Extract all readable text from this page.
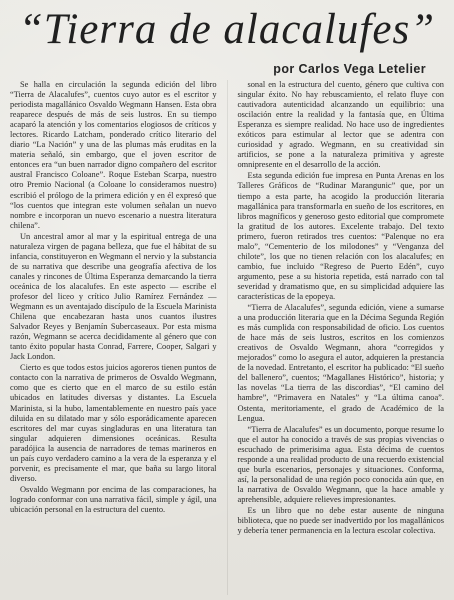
“Tierra de alacalufes”
por Carlos Vega Letelier

Se halla en circulación la segunda edición del libro “Tierra de Alacalufes”, cuentos cuyo autor es el escritor y periodista magallánico Osvaldo Wegmann Hansen. Esta obra reaparece después de más de seis lustros. En su tiempo acaparó la atención y los comentarios elogiosos de críticos y lectores. Ricardo Latcham, ponderado crítico literario del diario “La Nación” y una de las plumas más eruditas en la materia señaló, sin embargo, que el joven escritor de entonces era “un buen narrador digno compañero del escritor austral Francisco Coloane”. Roque Esteban Scarpa, nuestro otro Premio Nacional (a Coloane lo consideramos nuestro) escribió el prólogo de la primera edición y en él expresó que “los cuentos que integran este volumen señalan un nuevo nombre e incorporan un nuevo escenario a nuestra literatura chilena”.

Un ancestral amor al mar y la espiritual entrega de una naturaleza virgen de pagana belleza, que fue el hábitat de su infancia, constituyeron en Wegmann el nervio y la substancia de su narrativa que describe una geografía afectiva de los canales y rincones de Última Esperanza demarcando la tierra oceánica de los alacalufes. En este aspecto — escribe el profesor del liceo y crítico Julio Ramírez Fernández — Wegmann es un aventajado discípulo de la Escuela Marinista Chilena que encabezaran hasta unos cuantos ilustres Salvador Reyes y Benjamín Subercaseaux. Por esta misma razón, Wegmann se acerca decididamente al género que con tanto éxito popular hasta Conrad, Farrere, Cooper, Salgari y Jack London.

Cierto es que todos estos juicios agoreros tienen puntos de contacto con la narrativa de primeros de Osvaldo Wegmann, como que es cierto que en el marco de su estilo están ubicados en latitudes diversas y distantes. La Escuela Marinista, si la hubo, lamentablemente en nuestro país yace diluida en su dilatado mar y sólo esporádicamente aparecen escritores del mar cuyas singladuras en una literatura tan singular adquieren dimensiones oceánicas. Resulta paradójica la ausencia de narradores de temas marineros en un país cuyo verdadero camino a la vera de la esperanza y el porvenir, es precisamente el mar, que baña su largo litoral diverso.

Osvaldo Wegmann por encima de las comparaciones, ha logrado conformar con una narrativa fácil, simple y ágil, una ubicación personal en la estructura del cuento.

sonal en la estructura del cuento, género que cultiva con singular éxito. No hay rebuscamiento, el relato fluye con cautivadora autenticidad alcanzando un equilibrio: una oscilación entre la realidad y la fantasía que, en Última Esperanza es siempre realidad. No hace uso de ingredientes exóticos para estimular al lector que se adentra con curiosidad y agrado. Wegmann, en su creatividad sin artificios, se pone a la naturaleza primitiva y agreste omnipresente en el desarrollo de la acción.

Esta segunda edición fue impresa en Punta Arenas en los Talleres Gráficos de “Rudinar Marangunic” que, por un tiempo a esta parte, ha acogido la producción literaria magallánica para transformarla en sueño de los escritores, en libros magníficos y generoso gesto editorial que compromete la gratitud de los autores. Excelente trabajo. Del texto primero, fueron retirados tres cuentos: “Palenque no era malo”, “Cementerio de los milodones” y “Venganza del chilote”, los que no tienen relación con los alacalufes; en cambio, fue incluido “Regreso de Puerto Edén”, cuyo argumento, pese a su historia repetida, está narrado con tal severidad y dramatismo que, en su simplicidad adquiere las características de la epopeya.

“Tierra de Alacalufes”, segunda edición, viene a sumarse a una producción literaria que en la Décima Segunda Región es más cumplida con responsabilidad de oficio. Los cuentos de hace más de seis lustros, escritos en los comienzos creativos de Osvaldo Wegmann, ahora “corregidos y mejorados” como lo asegura el autor, adquieren la prestancia de la novedad. Entretanto, el escritor ha publicado: “El sueño del ballenero”, cuentos; “Magallanes Histórico”, historia; y las novelas “La tierra de las discordias”, “El camino del hambre”, “Primavera en Natales” y “La última canoa”. Ostenta, meritoriamente, el grado de Académico de la Lengua.

“Tierra de Alacalufes” es un documento, porque resume lo que el autor ha conocido a través de sus propias vivencias o escuchado de primerisima agua. Esta décima de cuentos responde a una realidad producto de una recuerdo existencial que burla escenarios, personajes y situaciones. Conforma, así, la personalidad de una región poco conocida aún que, en la narrativa de Osvaldo Wegmann, que la hace amable y aprehensible, adquiere relieves impresionantes.

Es un libro que no debe estar ausente de ninguna biblioteca, que no puede ser inadvertido por los magallánicos y debería tener permanencia en la lectura escolar colectiva.
